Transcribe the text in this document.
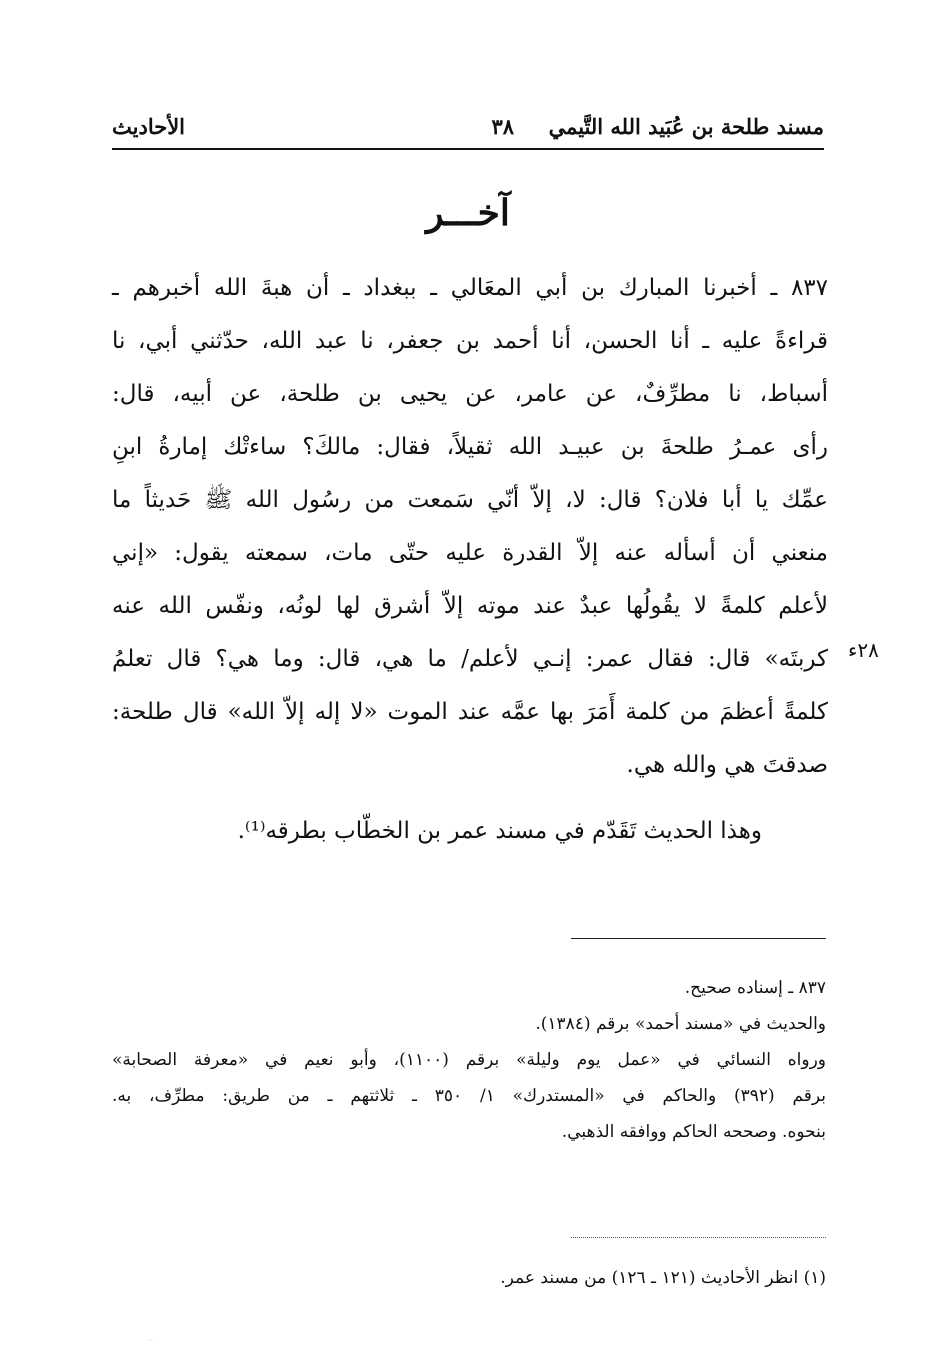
مسند طلحة بن عُبَيد الله التَّيمي
٣٨
الأحاديث
آخـــر
٨٣٧ ـ أخبرنا المبارك بن أبي المعَالي ـ ببغداد ـ أن هبةَ الله أخبرهم ـ
قراءةً عليه ـ أنا الحسن، أنا أحمد بن جعفر، نا عبد الله، حدّثني أبي، نا
أسباط، نا مطرِّفٌ، عن عامر، عن يحيى بن طلحة، عن أبيه، قال:
رأى عمـرُ طلحةَ بن عبيـد الله ثقيلاً، فقال: مالكَ؟ ساءتْك إمارةُ ابنِ
عمِّك يا أبا فلان؟ قال: لا، إلاّ أنّي سَمعت من رسُول الله ﷺ حَديثاً ما
منعني أن أسأله عنه إلاّ القدرة عليه حتّى مات، سمعته يقول: «إني
لأعلم كلمةً لا يقُولُها عبدٌ عند موته إلاّ أشرق لها لونُه، ونفّس الله عنه
كربتَه» قال: فقال عمر: إنـي لأعلم/ ما هي، قال: وما هي؟ قال تعلمُ
كلمةً أعظمَ من كلمة أَمَرَ بها عمَّه عند الموت «لا إله إلاّ الله» قال طلحة:
صدقتَ هي والله هي.
٢٨ء
وهذا الحديث تَقَدّم في مسند عمر بن الخطّاب بطرقه⁽¹⁾.
٨٣٧ ـ إسناده صحيح.
والحديث في «مسند أحمد» برقم (١٣٨٤).
ورواه النسائي في «عمل يوم وليلة» برقم (١١٠٠)، وأبو نعيم في «معرفة الصحابة»
برقم (٣٩٢) والحاكم في «المستدرك» ١/ ٣٥٠ ـ ثلاثتهم ـ من طريق: مطرِّف، به.
بنحوه. وصححه الحاكم ووافقه الذهبي.
(١) انظر الأحاديث (١٢١ ـ ١٢٦) من مسند عمر.
